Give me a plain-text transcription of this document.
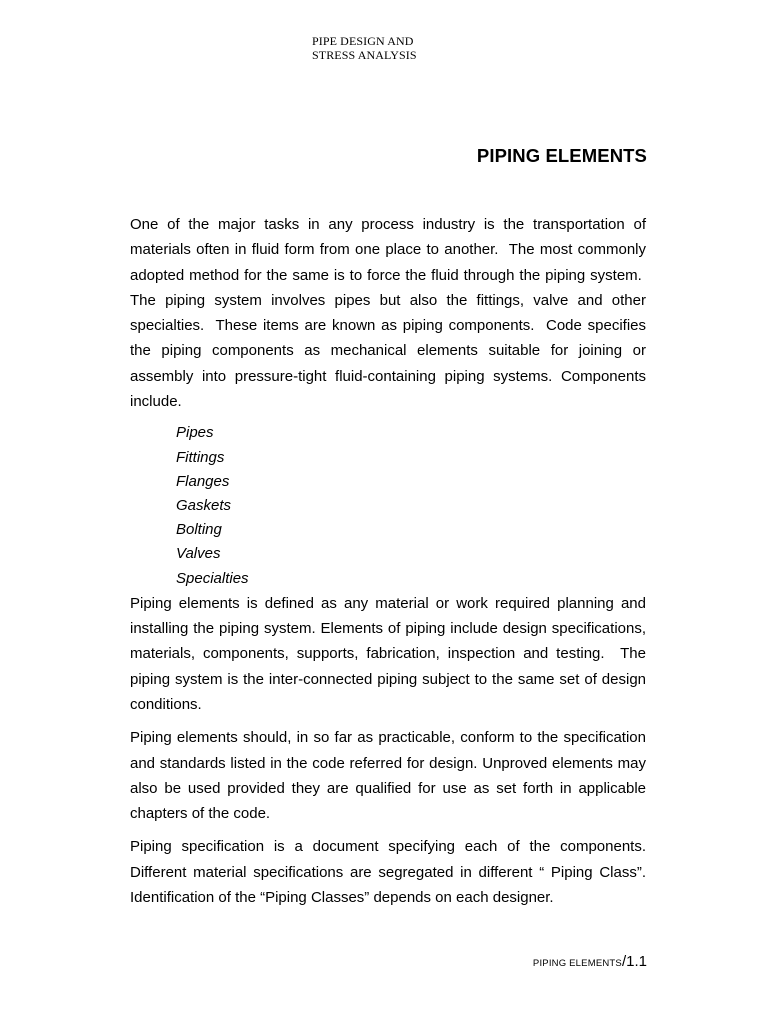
PIPE DESIGN AND
STRESS ANALYSIS
PIPING ELEMENTS

One of the major tasks in any process industry is the transportation of materials often in fluid form from one place to another.  The most commonly adopted method for the same is to force the fluid through the piping system.  The piping system involves pipes but also the fittings, valve and other specialties.  These items are known as piping components.  Code specifies the piping components as mechanical elements suitable for joining or assembly into pressure-tight fluid-containing piping systems. Components include.

Pipes
Fittings
Flanges
Gaskets
Bolting
Valves
Specialties

Piping elements is defined as any material or work required planning and installing the piping system. Elements of piping include design specifications, materials, components, supports, fabrication, inspection and testing.  The piping system is the inter-connected piping subject to the same set of design conditions.

Piping elements should, in so far as practicable, conform to the specification and standards listed in the code referred for design. Unproved elements may also be used provided they are qualified for use as set forth in applicable chapters of the code.

Piping specification is a document specifying each of the components. Different material specifications are segregated in different “ Piping Class”. Identification of the “Piping Classes” depends on each designer.

PIPING ELEMENTS/1.1
